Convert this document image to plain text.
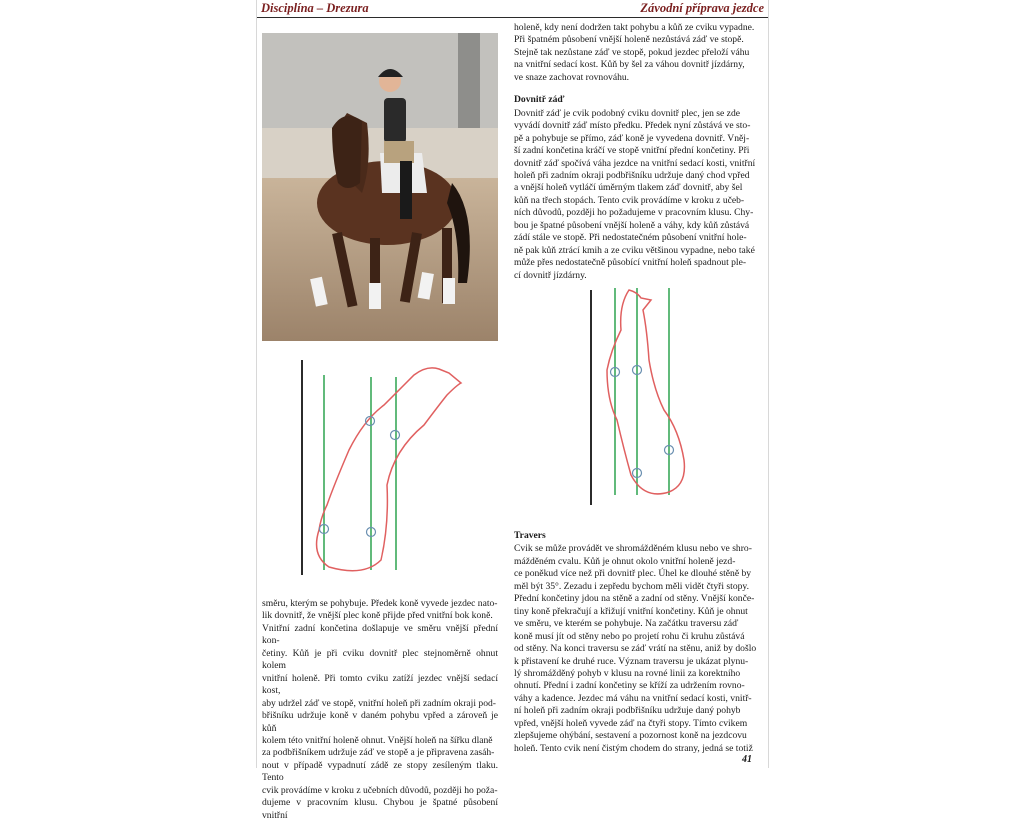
Disciplína – Drezura	Závodní příprava jezdce

holeně, kdy není dodržen takt pohybu a kůň ze cviku vypadne.

Při špatném působení vnější holeně nezůstává záď ve stopě.

Stejně tak nezůstane záď ve stopě, pokud jezdec přeloží váhu

na vnitřní sedací kost. Kůň by šel za váhou dovnitř jízdárny,

ve snaze zachovat rovnováhu.

Dovnitř záď

Dovnitř záď je cvik podobný cviku dovnitř plec, jen se zde

vyvádí dovnitř záď místo předku. Předek nyní zůstává ve sto-

pě a pohybuje se přímo, záď koně je vyvedena dovnitř. Vněj-

ší zadní končetina kráčí ve stopě vnitřní přední končetiny. Při

dovnitř záď spočívá váha jezdce na vnitřní sedací kosti, vnitřní

holeň při zadním okraji podbřišníku udržuje daný chod vpřed

a vnější holeň vytláčí úměrným tlakem záď dovnitř, aby šel

kůň na třech stopách. Tento cvik provádíme v kroku z učeb-

ních důvodů, později ho požadujeme v pracovním klusu. Chy-

bou je špatné působení vnější holeně a váhy, kdy kůň zůstává

zádí stále ve stopě. Při nedostatečném působení vnitřní hole-

ně pak kůň ztrácí kmih a ze cviku většinou vypadne, nebo také

může přes nedostatečně působící vnitřní holeň spadnout ple-

cí dovnitř jízdárny.

Travers

Cvik se může provádět ve shromážděném klusu nebo ve shro-

mážděném cvalu. Kůň je ohnut okolo vnitřní holeně jezd-

ce poněkud více než při dovnitř plec. Úhel ke dlouhé stěně by

měl být 35°. Zezadu i zepředu bychom měli vidět čtyři stopy.

Přední končetiny jdou na stěně a zadní od stěny. Vnější konče-

tiny koně překračují a křižují vnitřní končetiny. Kůň je ohnut

ve směru, ve kterém se pohybuje. Na začátku traversu záď

koně musí jít od stěny nebo po projetí rohu či kruhu zůstává

od stěny. Na konci traversu se záď vrátí na stěnu, aniž by došlo

k přistavení ke druhé ruce. Význam traversu je ukázat plynu-

lý shromážděný pohyb v klusu na rovné linii za korektního

ohnutí. Přední i zadní končetiny se kříží za udržením rovno-

váhy a kadence. Jezdec má váhu na vnitřní sedací kosti, vnitř-

ní holeň při zadním okraji podbřišníku udržuje daný pohyb

vpřed, vnější holeň vyvede záď na čtyři stopy. Tímto cvikem

zlepšujeme ohýbání, sestavení a pozornost koně na jezdcovu

holeň. Tento cvik není čistým chodem do strany, jedná se totiž

směru, kterým se pohybuje. Předek koně vyvede jezdec nato-

lik dovnitř, že vnější plec koně přijde před vnitřní bok koně.

Vnitřní zadní končetina došlapuje ve směru vnější přední kon-

četiny. Kůň je při cviku dovnitř plec stejnoměrně ohnut kolem

vnitřní holeně. Při tomto cviku zatíží jezdec vnější sedací kost,

aby udržel záď ve stopě, vnitřní holeň při zadním okraji pod-

břišníku udržuje koně v daném pohybu vpřed a zároveň je kůň

kolem této vnitřní holeně ohnut. Vnější holeň na šířku dlaně

za podbřišníkem udržuje záď ve stopě a je připravena zasáh-

nout v případě vypadnutí zádě ze stopy zesíleným tlaku. Tento

cvik provádíme v kroku z učebních důvodů, později ho poža-

dujeme v pracovním klusu. Chybou je špatné působení vnitřní

41
